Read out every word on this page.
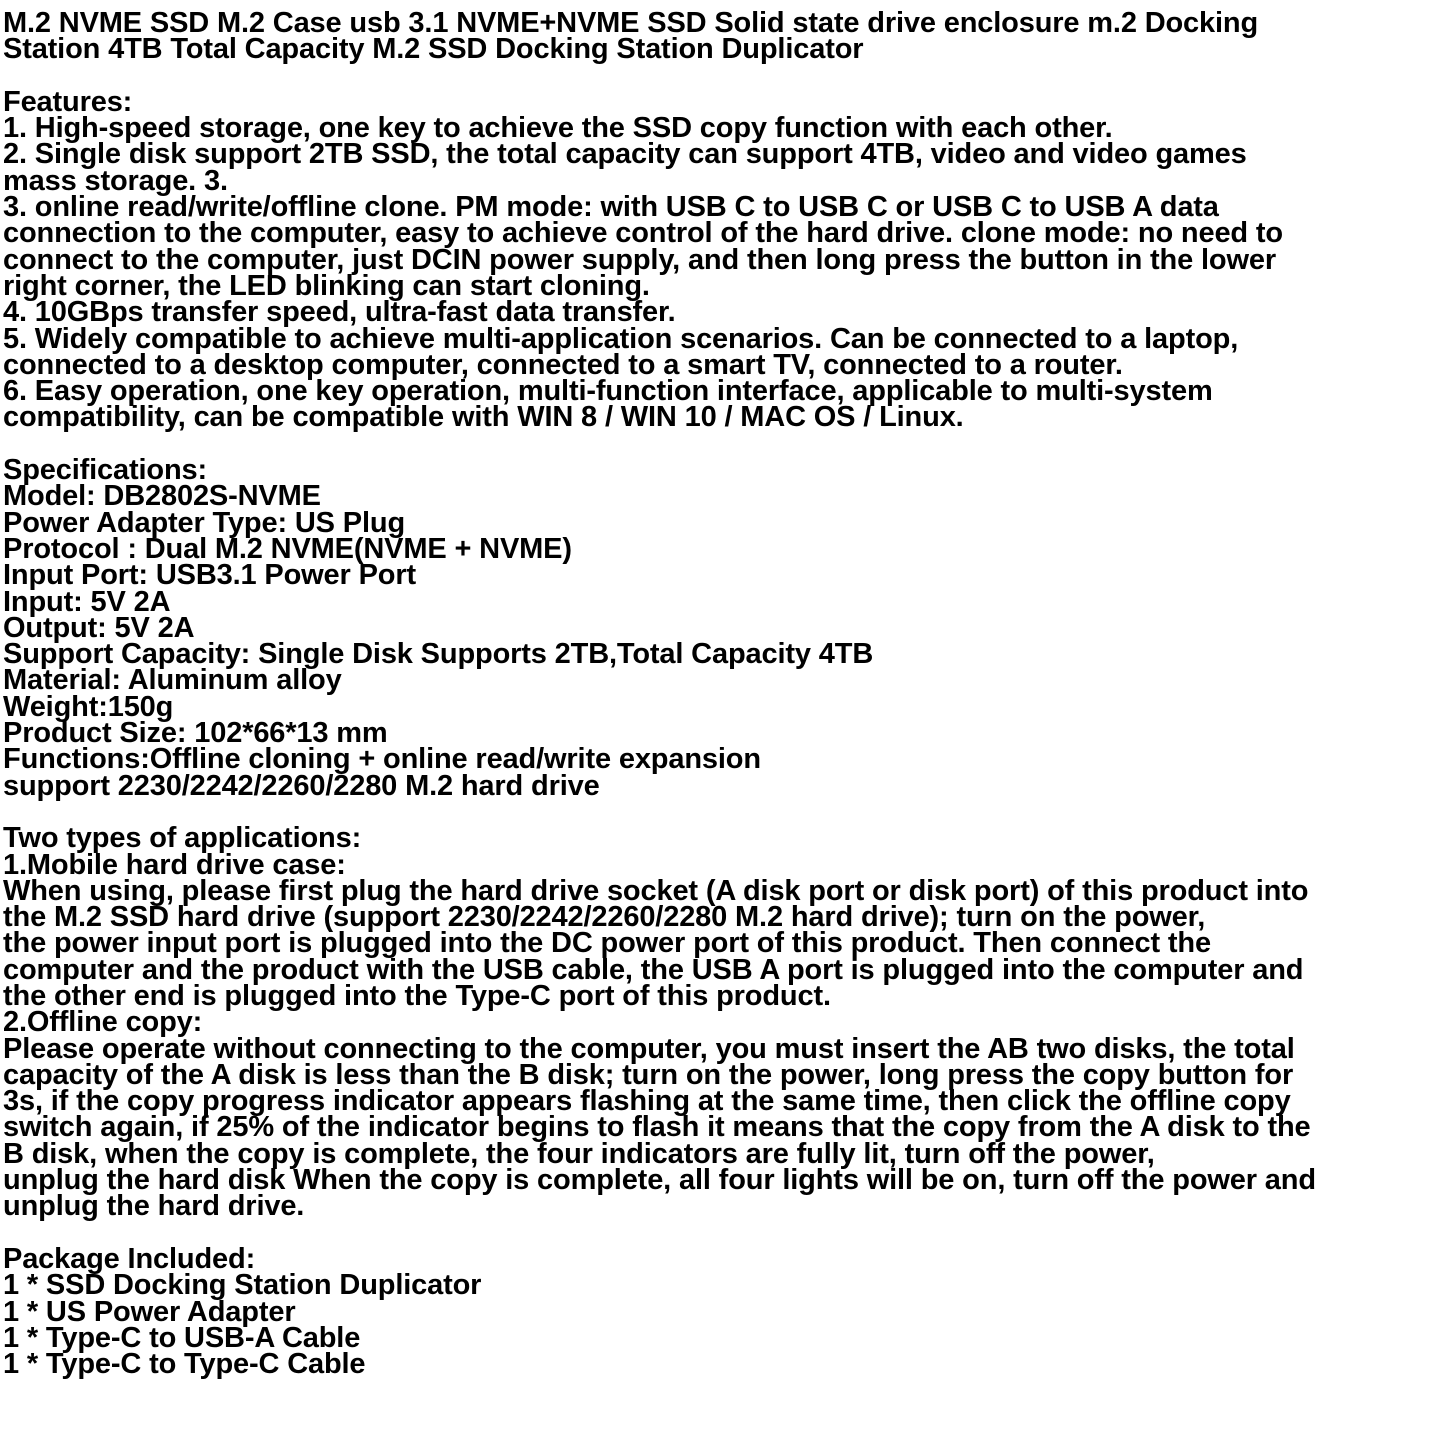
M.2 NVME SSD M.2 Case usb 3.1 NVME+NVME SSD Solid state drive enclosure m.2 Docking
Station 4TB Total Capacity M.2 SSD Docking Station Duplicator
Features:
1. High-speed storage, one key to achieve the SSD copy function with each other.
2. Single disk support 2TB SSD, the total capacity can support 4TB, video and video games
mass storage. 3.
3. online read/write/offline clone. PM mode: with USB C to USB C or USB C to USB A data
connection to the computer, easy to achieve control of the hard drive. clone mode: no need to
connect to the computer, just DCIN power supply, and then long press the button in the lower
right corner, the LED blinking can start cloning.
4. 10GBps transfer speed, ultra-fast data transfer.
5. Widely compatible to achieve multi-application scenarios. Can be connected to a laptop,
connected to a desktop computer, connected to a smart TV, connected to a router.
6. Easy operation, one key operation, multi-function interface, applicable to multi-system
compatibility, can be compatible with WIN 8 / WIN 10 / MAC OS / Linux.
Specifications:
Model: DB2802S-NVME
Power Adapter Type: US Plug
Protocol : Dual M.2 NVME(NVME + NVME)
Input Port: USB3.1 Power Port
Input: 5V 2A
Output: 5V 2A
Support Capacity: Single Disk Supports 2TB,Total Capacity 4TB
Material: Aluminum alloy
Weight:150g
Product Size: 102*66*13 mm
Functions:Offline cloning + online read/write expansion
support 2230/2242/2260/2280 M.2 hard drive
Two types of applications:
1.Mobile hard drive case:
When using, please first plug the hard drive socket (A disk port or disk port) of this product into
the M.2 SSD hard drive (support 2230/2242/2260/2280 M.2 hard drive); turn on the power,
the power input port is plugged into the DC power port of this product. Then connect the
computer and the product with the USB cable, the USB A port is plugged into the computer and
the other end is plugged into the Type-C port of this product.
2.Offline copy:
Please operate without connecting to the computer, you must insert the AB two disks, the total
capacity of the A disk is less than the B disk; turn on the power, long press the copy button for
3s, if the copy progress indicator appears flashing at the same time, then click the offline copy
switch again, if 25% of the indicator begins to flash it means that the copy from the A disk to the
B disk, when the copy is complete, the four indicators are fully lit, turn off the power,
unplug the hard disk When the copy is complete, all four lights will be on, turn off the power and
unplug the hard drive.
Package Included:
1 * SSD Docking Station Duplicator
1 * US Power Adapter
1 * Type-C to USB-A Cable
1 * Type-C to Type-C Cable
